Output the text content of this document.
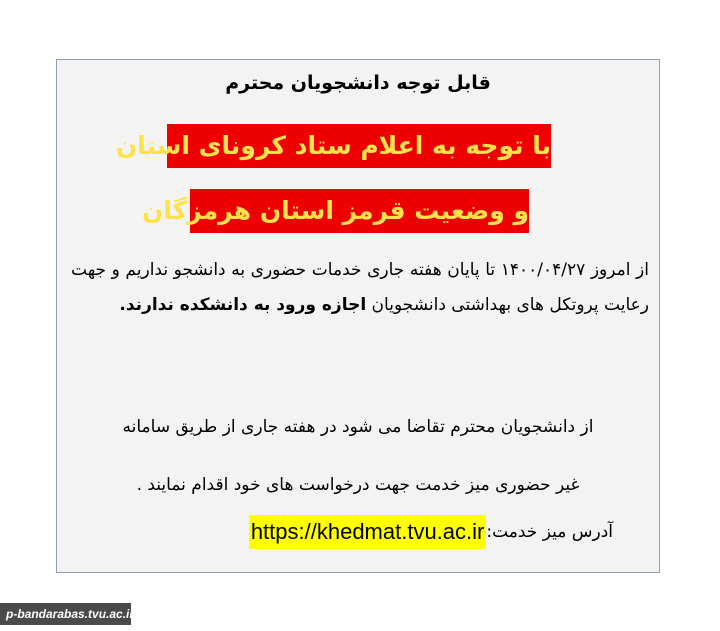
قابل توجه دانشجویان محترم
با توجه به اعلام ستاد کرونای استان
و وضعیت قرمز استان هرمزگان
از امروز ۱۴۰۰/۰۴/۲۷ تا پایان هفته جاری خدمات حضوری به دانشجو نداریم و جهت رعایت پروتکل های بهداشتی دانشجویان اجازه ورود به دانشکده ندارند.
از دانشجویان محترم تقاضا می شود در هفته جاری از طریق سامانه
غیر حضوری میز خدمت جهت درخواست های خود اقدام نمایند .
آدرس میز خدمت:
https://khedmat.tvu.ac.ir
p-bandarabas.tvu.ac.ir
